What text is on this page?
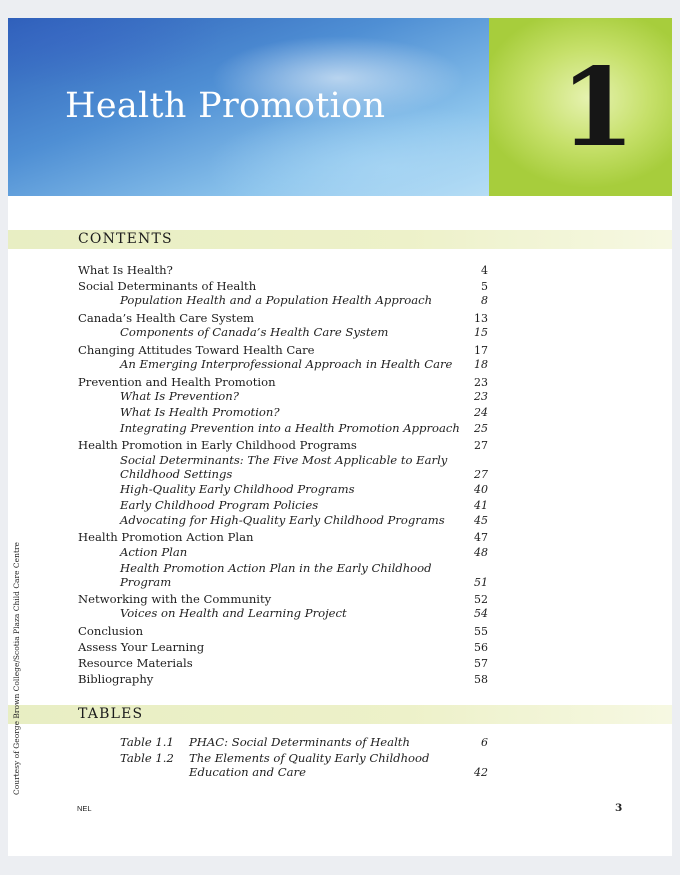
Health Promotion 1
CONTENTS
What Is Health?	4
Social Determinants of Health	5
Population Health and a Population Health Approach	8
Canada’s Health Care System	13
Components of Canada’s Health Care System	15
Changing Attitudes Toward Health Care	17
An Emerging Interprofessional Approach in Health Care 18
Prevention and Health Promotion	23
What Is Prevention?	23
What Is Health Promotion?	24
Integrating Prevention into a Health Promotion Approach 25
Health Promotion in Early Childhood Programs	27
Social Determinants: The Five Most Applicable to Early
Childhood Settings	27
High-Quality Early Childhood Programs	40
Early Childhood Program Policies	41
Advocating for High-Quality Early Childhood Programs	45
Health Promotion Action Plan	47
Action Plan	48
Health Promotion Action Plan in the Early Childhood
Program	51
Networking with the Community	52
Voices on Health and Learning Project	54
Conclusion	55
Assess Your Learning	56
Resource Materials	57
Bibliography	58
TABLES
Table 1.1 PHAC: Social Determinants of Health	6
Table 1.2 The Elements of Quality Early Childhood
Education and Care	42
NEL	3
Courtesy of George Brown College/Scotia Plaza Child Care Centre
